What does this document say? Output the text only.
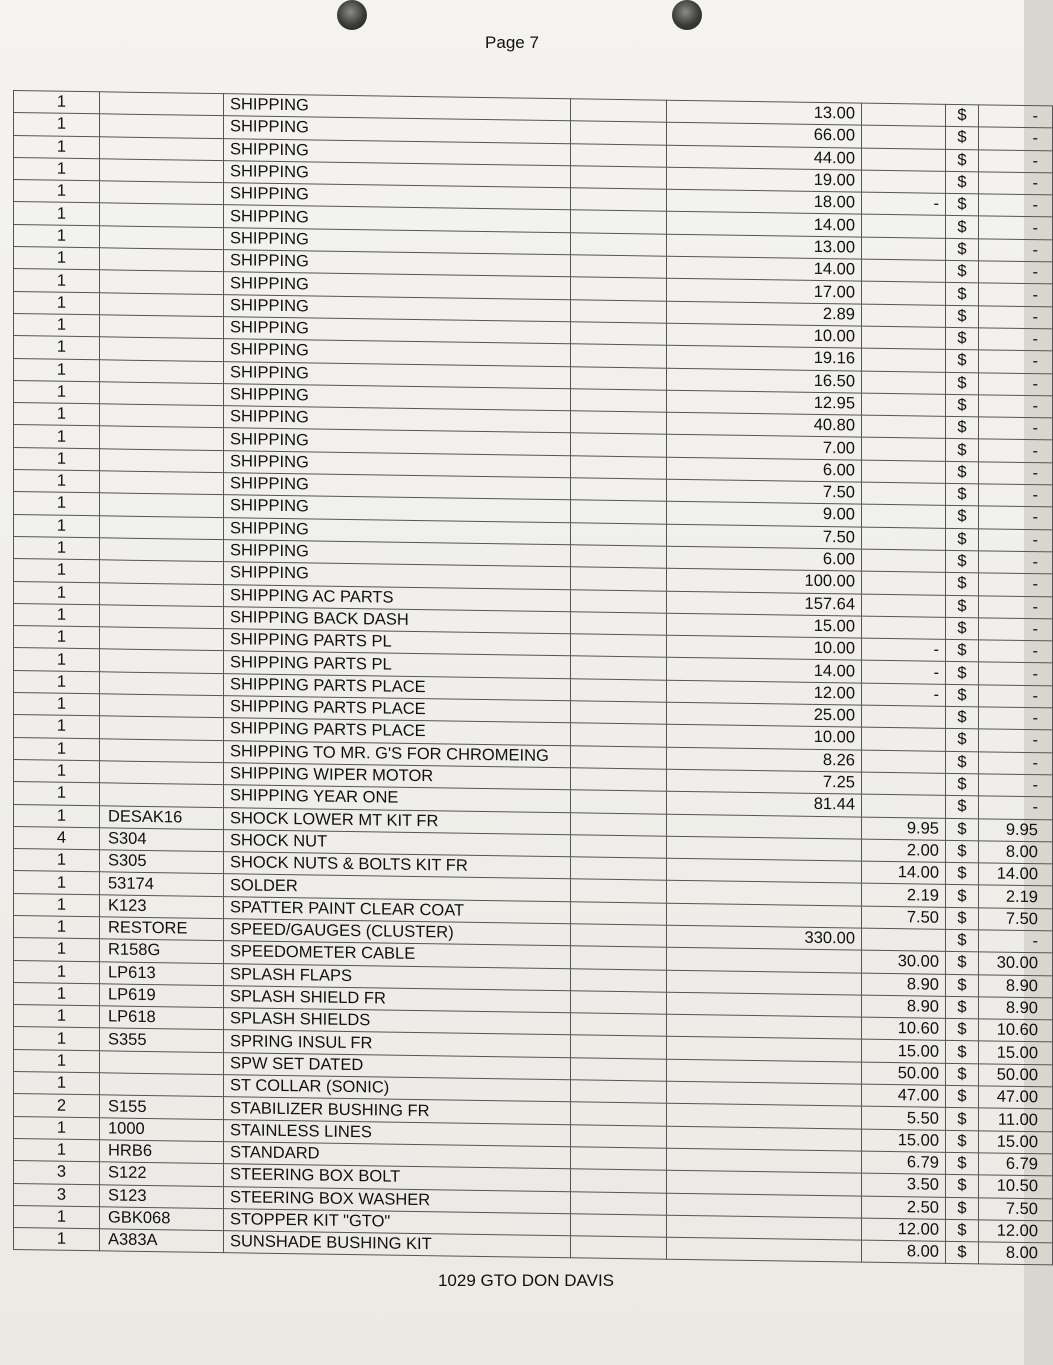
Page 7
1		SHIPPING		13.00		$	-
1		SHIPPING		66.00		$	-
1		SHIPPING		44.00		$	-
1		SHIPPING		19.00		$	-
1		SHIPPING		18.00	-	$	-
1		SHIPPING		14.00		$	-
1		SHIPPING		13.00		$	-
1		SHIPPING		14.00		$	-
1		SHIPPING		17.00		$	-
1		SHIPPING		2.89		$	-
1		SHIPPING		10.00		$	-
1		SHIPPING		19.16		$	-
1		SHIPPING		16.50		$	-
1		SHIPPING		12.95		$	-
1		SHIPPING		40.80		$	-
1		SHIPPING		7.00		$	-
1		SHIPPING		6.00		$	-
1		SHIPPING		7.50		$	-
1		SHIPPING		9.00		$	-
1		SHIPPING		7.50		$	-
1		SHIPPING		6.00		$	-
1		SHIPPING		100.00		$	-
1		SHIPPING AC PARTS		157.64		$	-
1		SHIPPING BACK DASH		15.00		$	-
1		SHIPPING PARTS PL		10.00	-	$	-
1		SHIPPING PARTS PL		14.00	-	$	-
1		SHIPPING PARTS PLACE		12.00	-	$	-
1		SHIPPING PARTS PLACE		25.00		$	-
1		SHIPPING PARTS PLACE		10.00		$	-
1		SHIPPING TO MR. G'S FOR CHROMEING		8.26		$	-
1		SHIPPING WIPER MOTOR		7.25		$	-
1		SHIPPING YEAR ONE		81.44		$	-
1	DESAK16	SHOCK LOWER MT KIT FR			9.95	$	9.95
4	S304	SHOCK NUT			2.00	$	8.00
1	S305	SHOCK NUTS & BOLTS KIT FR			14.00	$	14.00
1	53174	SOLDER			2.19	$	2.19
1	K123	SPATTER PAINT CLEAR COAT			7.50	$	7.50
1	RESTORE	SPEED/GAUGES (CLUSTER)		330.00		$	-
1	R158G	SPEEDOMETER CABLE			30.00	$	30.00
1	LP613	SPLASH FLAPS			8.90	$	8.90
1	LP619	SPLASH SHIELD FR			8.90	$	8.90
1	LP618	SPLASH SHIELDS			10.60	$	10.60
1	S355	SPRING INSUL FR			15.00	$	15.00
1		SPW SET DATED			50.00	$	50.00
1		ST COLLAR (SONIC)			47.00	$	47.00
2	S155	STABILIZER BUSHING FR			5.50	$	11.00
1	1000	STAINLESS LINES			15.00	$	15.00
1	HRB6	STANDARD			6.79	$	6.79
3	S122	STEERING BOX BOLT			3.50	$	10.50
3	S123	STEERING BOX WASHER			2.50	$	7.50
1	GBK068	STOPPER KIT "GTO"			12.00	$	12.00
1	A383A	SUNSHADE BUSHING KIT			8.00	$	8.00
1029 GTO DON DAVIS
